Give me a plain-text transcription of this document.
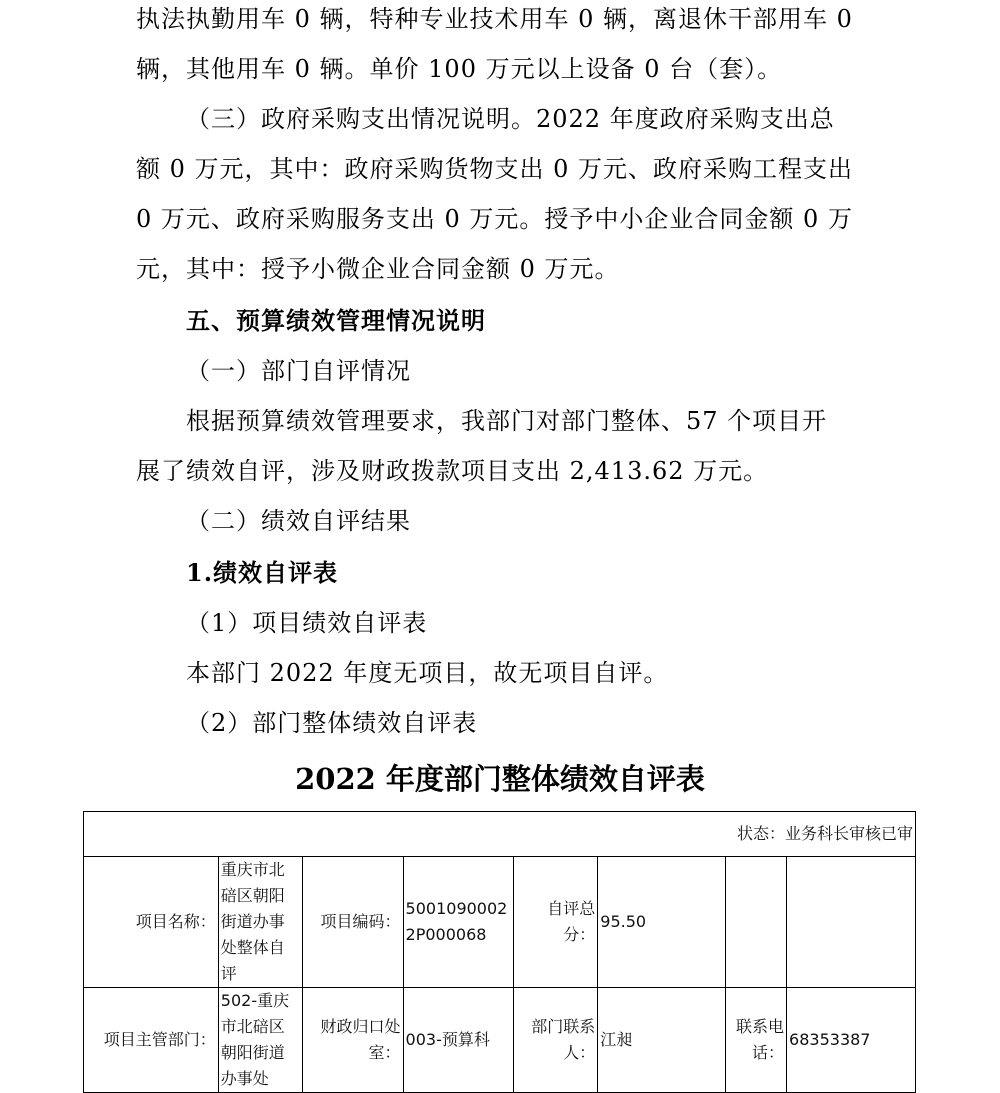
执法执勤用车 0 辆，特种专业技术用车 0 辆，离退休干部用车 0

辆，其他用车 0 辆。单价 100 万元以上设备 0 台（套）。

（三）政府采购支出情况说明。2022 年度政府采购支出总

额 0 万元，其中：政府采购货物支出 0 万元、政府采购工程支出

0 万元、政府采购服务支出 0 万元。授予中小企业合同金额 0 万

元，其中：授予小微企业合同金额 0 万元。

五、预算绩效管理情况说明

（一）部门自评情况

根据预算绩效管理要求，我部门对部门整体、57 个项目开

展了绩效自评，涉及财政拨款项目支出 2,413.62 万元。

（二）绩效自评结果

1.绩效自评表

（1）项目绩效自评表

本部门 2022 年度无项目，故无项目自评。

（2）部门整体绩效自评表

2022 年度部门整体绩效自评表
状态：业务科长审核已审							
项目名称：	重庆市北碚区朝阳街道办事处整体自评	项目编码：	50010900022P000068	自评总分：	95.50		
项目主管部门：	502-重庆市北碚区朝阳街道办事处	财政归口处室：	003-预算科	部门联系人：	江昶	联系电话：	68353387
